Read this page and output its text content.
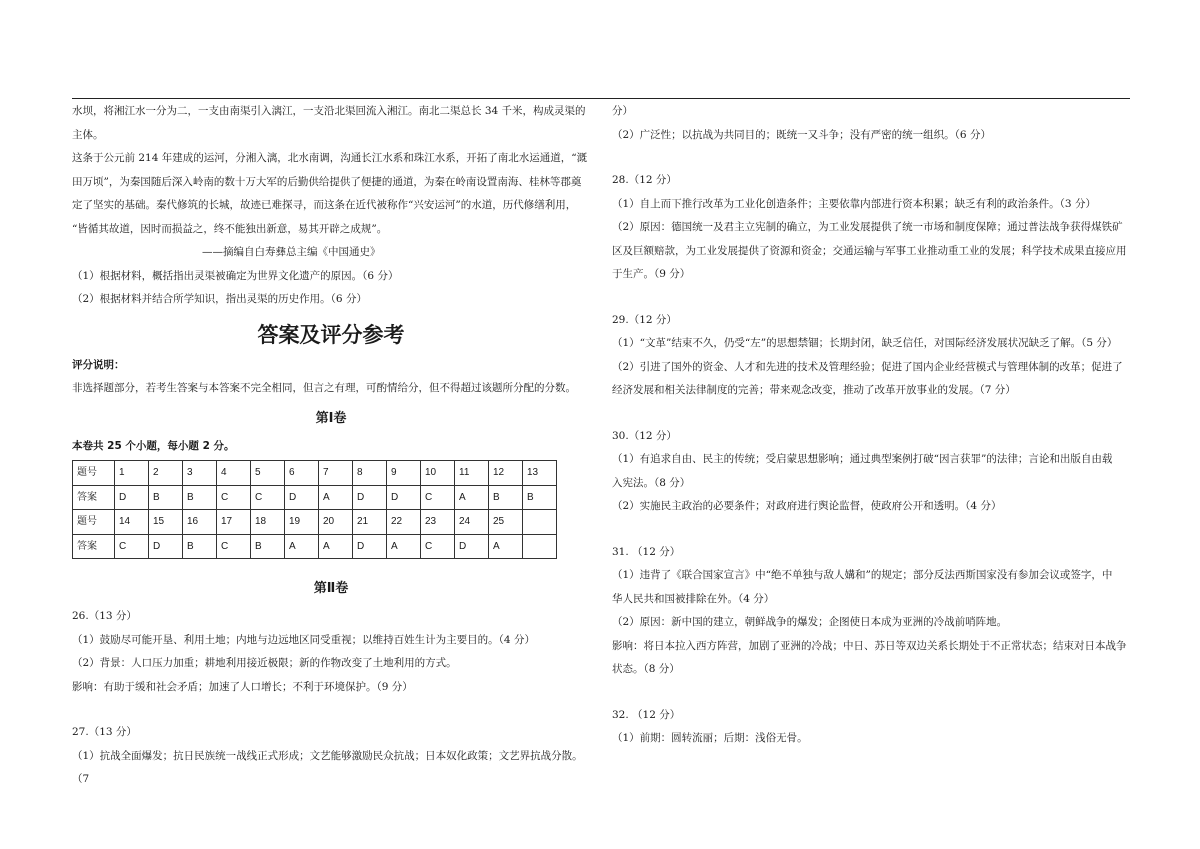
水坝，将湘江水一分为二，一支由南渠引入漓江，一支沿北渠回流入湘江。南北二渠总长 34 千米，构成灵渠的

主体。

这条于公元前 214 年建成的运河，分湘入漓，北水南调，沟通长江水系和珠江水系，开拓了南北水运通道，“溉

田万顷”，为秦国随后深入岭南的数十万大军的后勤供给提供了便捷的通道，为秦在岭南设置南海、桂林等郡奠

定了坚实的基础。秦代修筑的长城，故迹已难探寻，而这条在近代被称作“兴安运河”的水道，历代修缮利用，

“皆循其故道，因时而损益之，终不能独出新意，易其开辟之成规”。

——摘编自白寿彝总主编《中国通史》

（1）根据材料，概括指出灵渠被确定为世界文化遗产的原因。（6 分）

（2）根据材料并结合所学知识，指出灵渠的历史作用。（6 分）

答案及评分参考

评分说明：

非选择题部分，若考生答案与本答案不完全相同，但言之有理，可酌情给分，但不得超过该题所分配的分数。

第Ⅰ卷

本卷共 25 个小题，每小题 2 分。

题号	1	2	3	4	5	6	7	8	9	10	11	12	13
答案	D	B	B	C	C	D	A	D	D	C	A	B	B
题号	14	15	16	17	18	19	20	21	22	23	24	25	
答案	C	D	B	C	B	A	A	D	A	C	D	A	
第Ⅱ卷

26.（13 分）

（1）鼓励尽可能开垦、利用土地；内地与边远地区同受重视；以维持百姓生计为主要目的。（4 分）

（2）背景：人口压力加重；耕地利用接近极限；新的作物改变了土地利用的方式。

影响：有助于缓和社会矛盾；加速了人口增长；不利于环境保护。（9 分）

27.（13 分）

（1）抗战全面爆发；抗日民族统一战线正式形成；文艺能够激励民众抗战；日本奴化政策；文艺界抗战分散。（7

分）

（2）广泛性；以抗战为共同目的；既统一又斗争；没有严密的统一组织。（6 分）

28.（12 分）

（1）自上而下推行改革为工业化创造条件；主要依靠内部进行资本积累；缺乏有利的政治条件。（3 分）

（2）原因：德国统一及君主立宪制的确立，为工业发展提供了统一市场和制度保障；通过普法战争获得煤铁矿

区及巨额赔款，为工业发展提供了资源和资金；交通运输与军事工业推动重工业的发展；科学技术成果直接应用

于生产。（9 分）

29.（12 分）

（1）“文革”结束不久，仍受“左”的思想禁锢；长期封闭，缺乏信任，对国际经济发展状况缺乏了解。（5 分）

（2）引进了国外的资金、人才和先进的技术及管理经验；促进了国内企业经营模式与管理体制的改革；促进了

经济发展和相关法律制度的完善；带来观念改变，推动了改革开放事业的发展。（7 分）

30.（12 分）

（1）有追求自由、民主的传统；受启蒙思想影响；通过典型案例打破“因言获罪”的法律；言论和出版自由载

入宪法。（8 分）

（2）实施民主政治的必要条件；对政府进行舆论监督，使政府公开和透明。（4 分）

31. （12 分）

（1）违背了《联合国家宣言》中“绝不单独与敌人媾和”的规定；部分反法西斯国家没有参加会议或签字，中

华人民共和国被排除在外。（4 分）

（2）原因：新中国的建立，朝鲜战争的爆发；企图使日本成为亚洲的冷战前哨阵地。

影响：将日本拉入西方阵营，加剧了亚洲的冷战；中日、苏日等双边关系长期处于不正常状态；结束对日本战争

状态。（8 分）

32. （12 分）

（1）前期：圆转流丽；后期：浅俗无骨。
